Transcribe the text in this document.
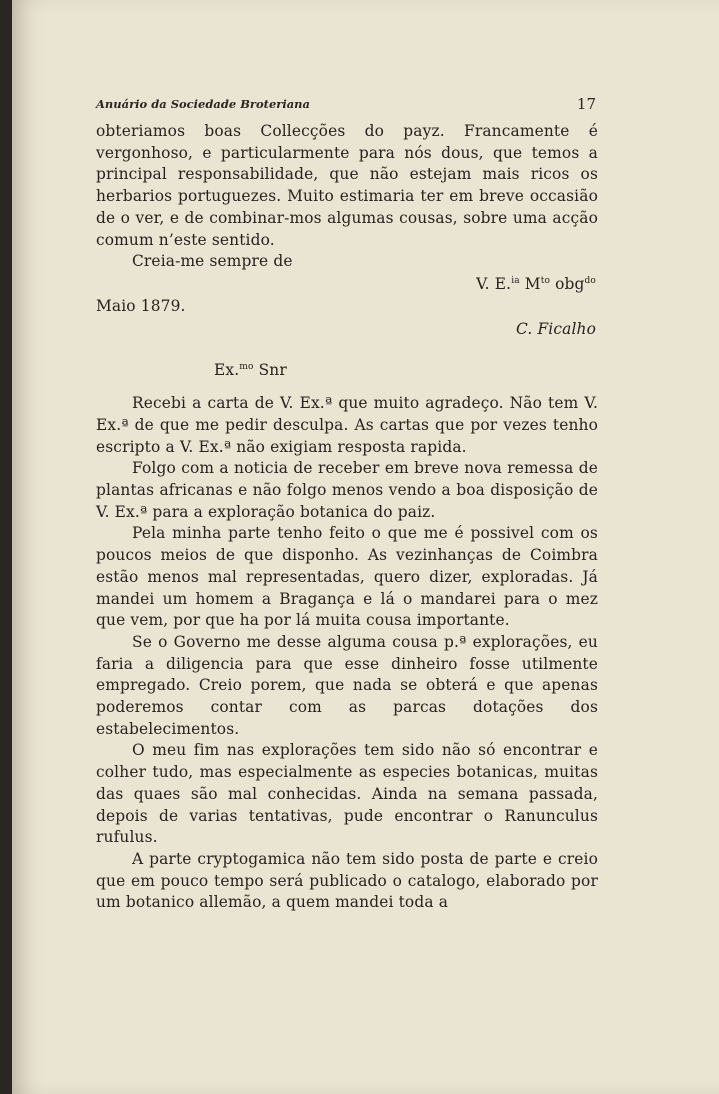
Anuário da Sociedade Broteriana	17

obteriamos boas Collecções do payz. Francamente é vergonhoso, e particularmente para nós dous, que temos a principal responsabilidade, que não estejam mais ricos os herbarios portuguezes. Muito estimaria ter em breve occasião de o ver, e de combinar-mos algumas cousas, sobre uma acção comum n’este sentido.

Creia-me sempre de
V. E.$^{ia}$ $M^{to}$ obg$^{do}$
Maio 1879.
C. Ficalho

Ex.$^{mo}$ Snr

Recebi a carta de V. Ex.ª que muito agradeço. Não tem V. Ex.ª de que me pedir desculpa. As cartas que por vezes tenho escripto a V. Ex.ª não exigiam resposta rapida.

Folgo com a noticia de receber em breve nova remessa de plantas africanas e não folgo menos vendo a boa disposição de V. Ex.ª para a exploração botanica do paiz.

Pela minha parte tenho feito o que me é possivel com os poucos meios de que disponho. As vezinhanças de Coimbra estão menos mal representadas, quero dizer, exploradas. Já mandei um homem a Bragança e lá o mandarei para o mez que vem, por que ha por lá muita cousa importante.

Se o Governo me desse alguma cousa p.ª explorações, eu faria a diligencia para que esse dinheiro fosse utilmente empregado. Creio porem, que nada se obterá e que apenas poderemos contar com as parcas dotações dos estabelecimentos.

O meu fim nas explorações tem sido não só encontrar e colher tudo, mas especialmente as especies botanicas, muitas das quaes são mal conhecidas. Ainda na semana passada, depois de varias tentativas, pude encontrar o Ranunculus rufulus.

A parte cryptogamica não tem sido posta de parte e creio que em pouco tempo será publicado o catalogo, elaborado por um botanico allemão, a quem mandei toda a
